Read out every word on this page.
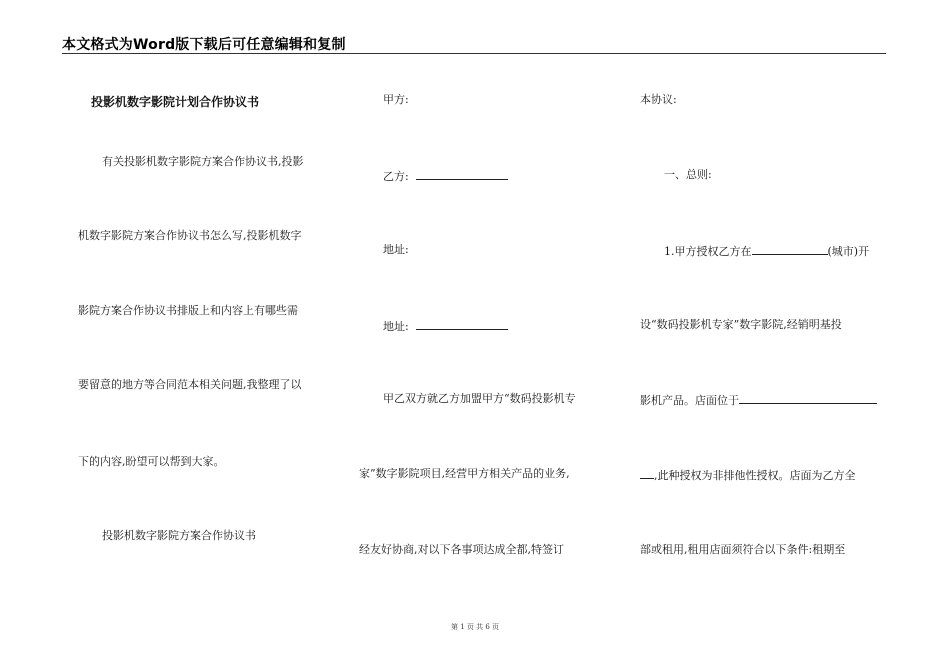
本文格式为Word版下载后可任意编辑和复制
投影机数字影院计划合作协议书
有关投影机数字影院方案合作协议书,投影
机数字影院方案合作协议书怎么写,投影机数字
影院方案合作协议书排版上和内容上有哪些需
要留意的地方等合同范本相关问题,我整理了以
下的内容,盼望可以帮到大家。
投影机数字影院方案合作协议书
甲方:
乙方:
地址:
地址:
甲乙双方就乙方加盟甲方“数码投影机专
家”数字影院项目,经营甲方相关产品的业务,
经友好协商,对以下各事项达成全都,特签订
本协议:
一、总则:
1.甲方授权乙方在	(城市)开
设“数码投影机专家”数字影院,经销明基投
影机产品。店面位于
,此种授权为非排他性授权。店面为乙方全
部或租用,租用店面须符合以下条件:租期至
第 1 页 共 6 页
